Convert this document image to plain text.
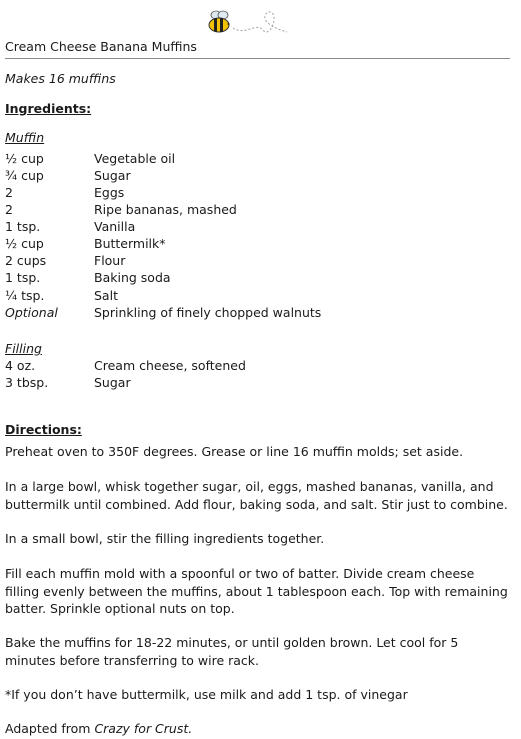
Cream Cheese Banana Muffins
Makes 16 muffins
Ingredients:
Muffin
½ cup	Vegetable oil
¾ cup	Sugar
2	Eggs
2	Ripe bananas, mashed
1 tsp.	Vanilla
½ cup	Buttermilk*
2 cups	Flour
1 tsp.	Baking soda
¼ tsp.	Salt
Optional	Sprinkling of finely chopped walnuts
Filling
4 oz.	Cream cheese, softened
3 tbsp.	Sugar
Directions:
Preheat oven to 350F degrees. Grease or line 16 muffin molds; set aside.
In a large bowl, whisk together sugar, oil, eggs, mashed bananas, vanilla, and buttermilk until combined. Add flour, baking soda, and salt. Stir just to combine.
In a small bowl, stir the filling ingredients together.
Fill each muffin mold with a spoonful or two of batter. Divide cream cheese filling evenly between the muffins, about 1 tablespoon each. Top with remaining batter. Sprinkle optional nuts on top.
Bake the muffins for 18-22 minutes, or until golden brown. Let cool for 5 minutes before transferring to wire rack.
*If you don’t have buttermilk, use milk and add 1 tsp. of vinegar
Adapted from Crazy for Crust.
